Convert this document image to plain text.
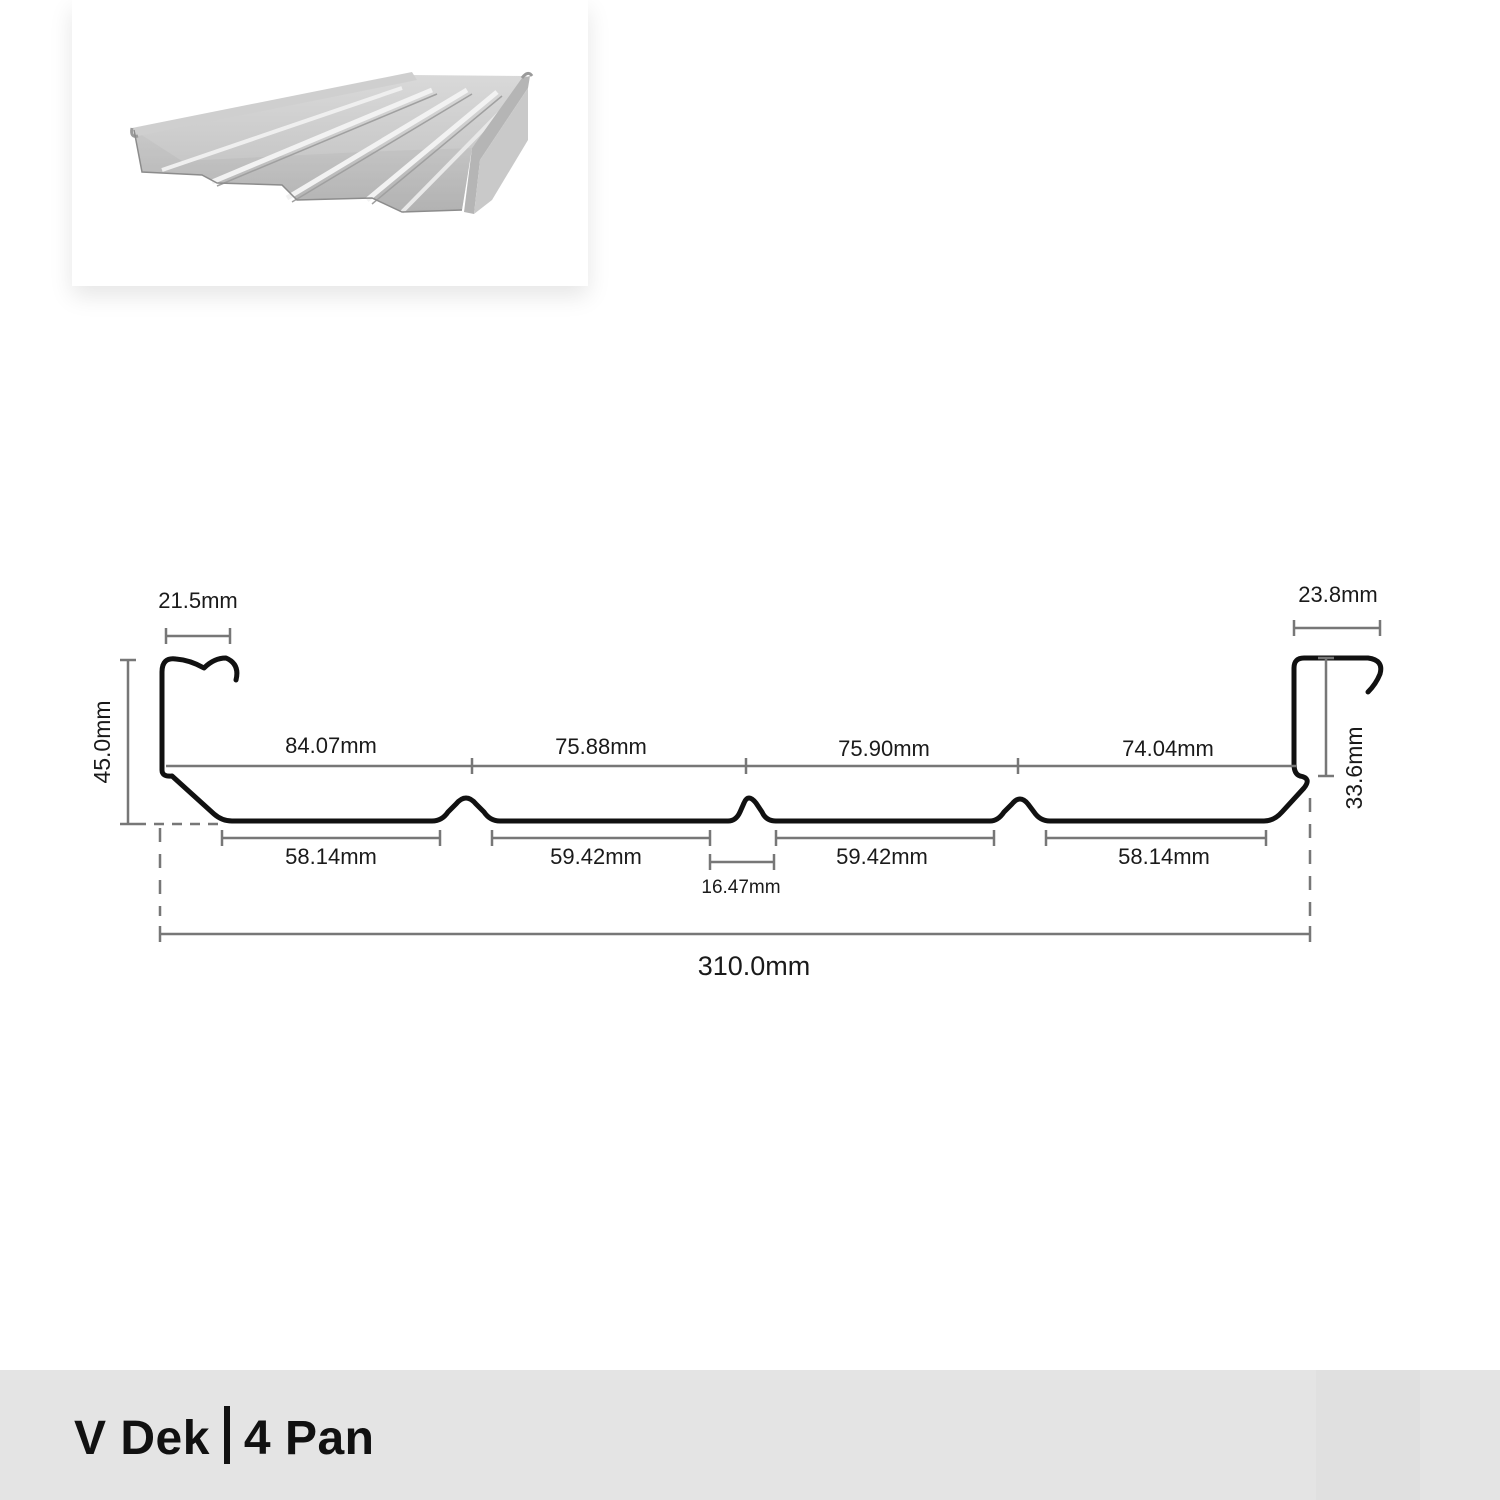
21.5mm	23.8mm
45.0mm	33.6mm
84.07mm	75.88mm	75.90mm	74.04mm
58.14mm	59.42mm	59.42mm	58.14mm
16.47mm
310.0mm
V Dek 4 Pan
